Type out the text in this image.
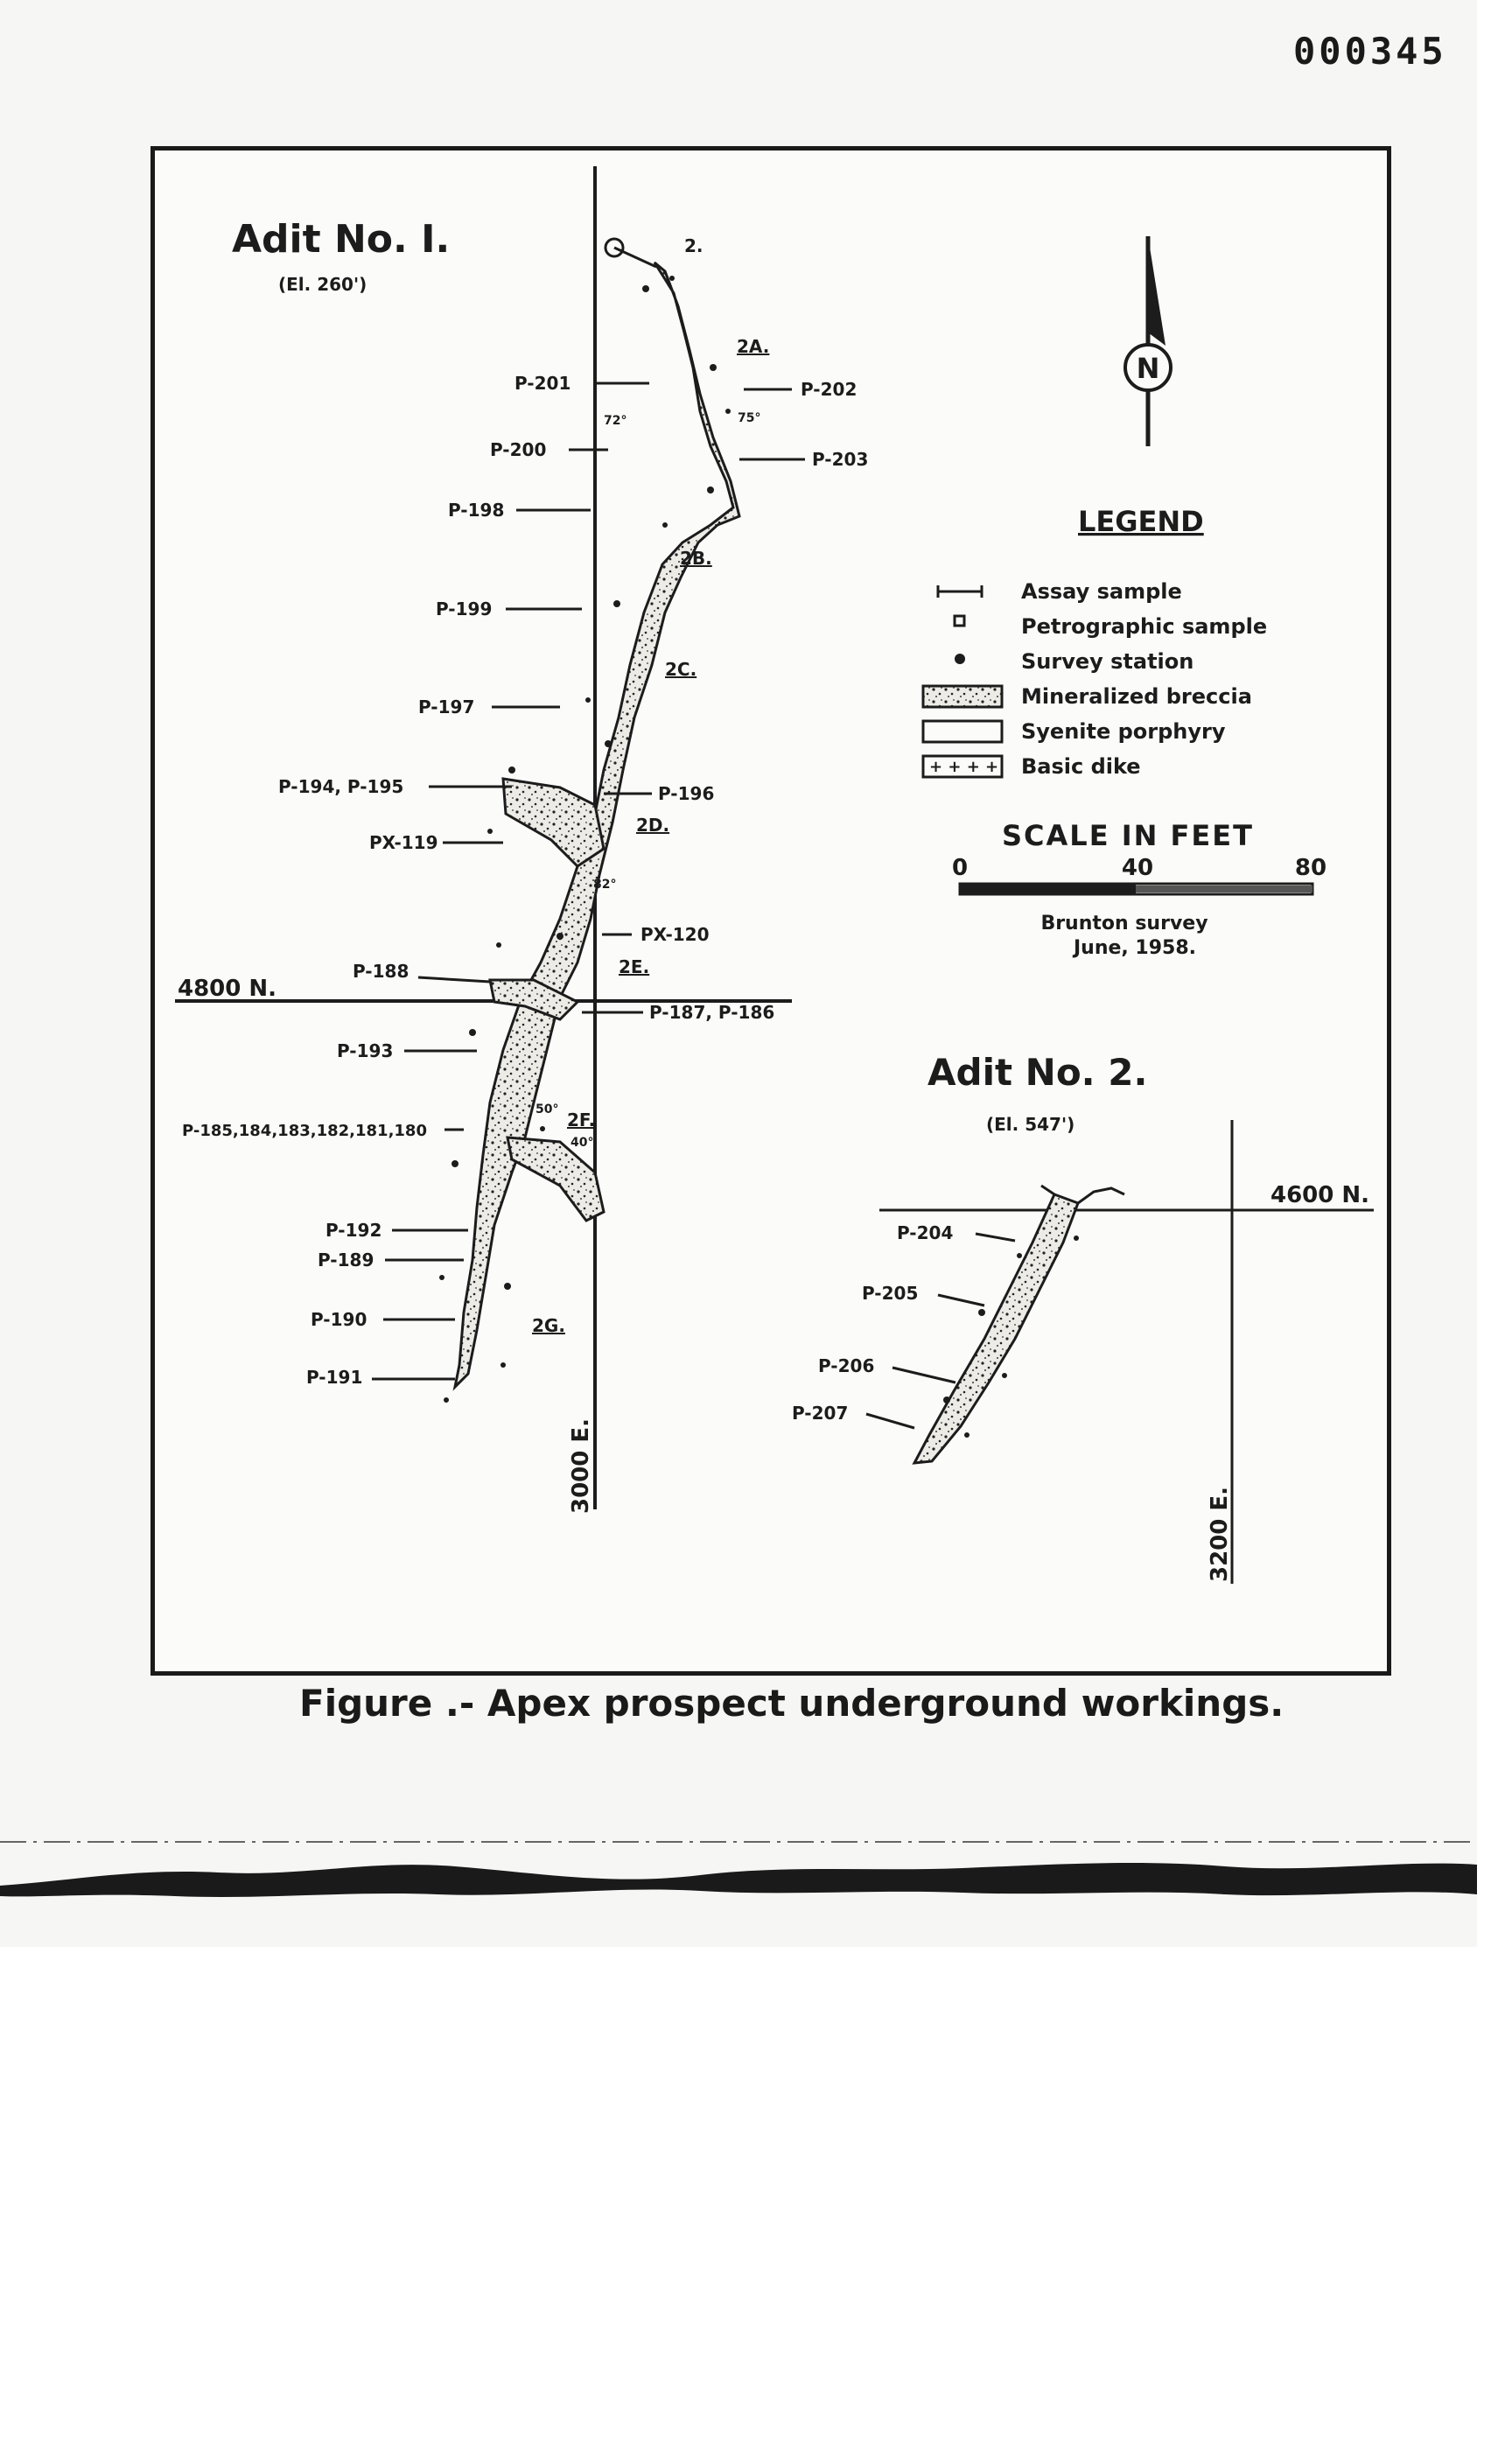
000345
Adit No. I.
(El. 260')
4800 N.
3000 E.
2.
2A.
2B.
2C.
2D.
2E.
2F.
2G.
72°	75°
82°
50°
40°
P-201
P-200
P-198
P-199
P-197
P-194, P-195
PX-119
P-188
P-193
P-185,184,183,182,181,180
P-192
P-189
P-190
P-191
P-202
P-203
P-196
PX-120
P-187, P-186
N
LEGEND
Assay sample
Petrographic sample
Survey station
Mineralized breccia
Syenite porphyry
+ + + + Basic dike
SCALE IN FEET
0	40	80
Brunton survey
June, 1958.
Adit No. 2.
(El. 547')
4600 N.
3200 E.
P-204
P-205
P-206
P-207
Figure .- Apex prospect underground workings.
